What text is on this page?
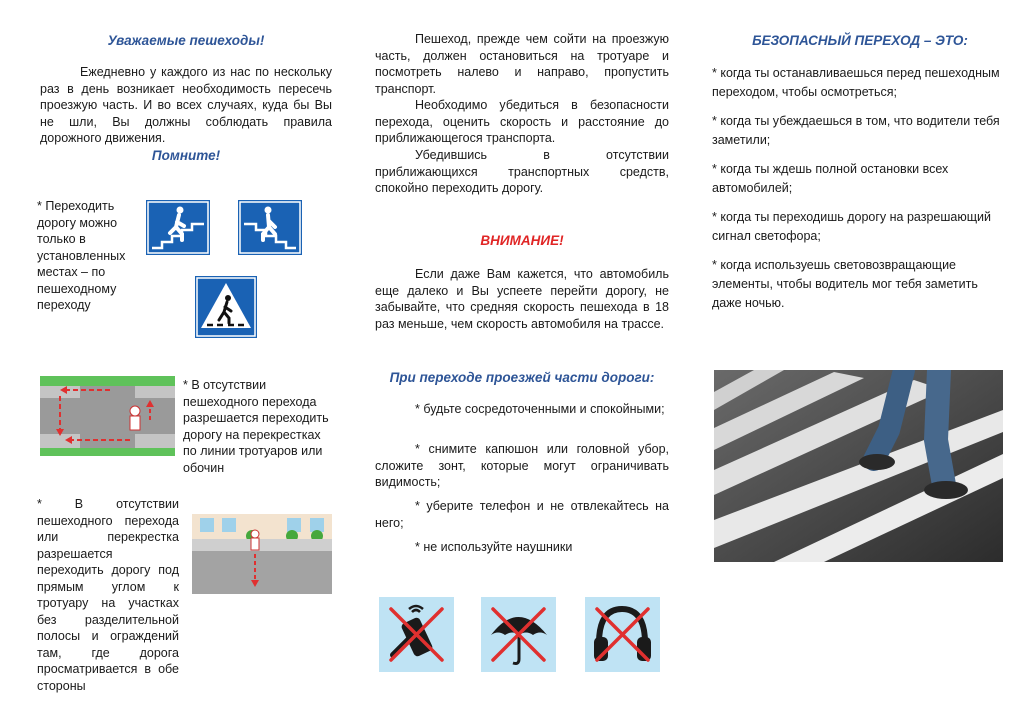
Уважаемые пешеходы!

Ежедневно у каждого из нас по нескольку раз в день возникает необходимость пересечь проезжую часть. И во всех случаях, куда бы Вы не шли, Вы должны соблюдать правила дорожного движения.

Помните!

* Переходить дорогу можно только в установленных местах – по пешеходному переходу

* В отсутствии пешеходного перехода разрешается переходить дорогу на перекрестках по линии тротуаров или обочин

* В отсутствии пешеходного перехода или перекрестка разрешается переходить дорогу под прямым углом к тротуару на участках без разделительной полосы и ограждений там, где дорога просматривается в обе стороны

Пешеход, прежде чем сойти на проезжую часть, должен остановиться на тротуаре и посмотреть налево и направо, пропустить транспорт.

Необходимо убедиться в безопасности перехода, оценить скорость и расстояние до приближающегося транспорта.

Убедившись в отсутствии приближающихся транспортных средств, спокойно переходить дорогу.

ВНИМАНИЕ!

Если даже Вам кажется, что автомобиль еще далеко и Вы успеете перейти дорогу, не забывайте, что средняя скорость пешехода в 18 раз меньше, чем скорость автомобиля на трассе.

При переходе проезжей части дороги:

* будьте сосредоточенными и спокойными;

* снимите капюшон или головной убор, сложите зонт, которые могут ограничивать видимость;

* уберите телефон и не отвлекайтесь на него;

* не используйте наушники

БЕЗОПАСНЫЙ ПЕРЕХОД – ЭТО:

* когда ты останавливаешься перед пешеходным переходом, чтобы осмотреться;

* когда ты убеждаешься в том, что водители тебя заметили;

* когда ты ждешь полной остановки всех автомобилей;

* когда ты переходишь дорогу на разрешающий сигнал светофора;

* когда используешь световозвращающие элементы, чтобы водитель мог тебя заметить даже ночью.
